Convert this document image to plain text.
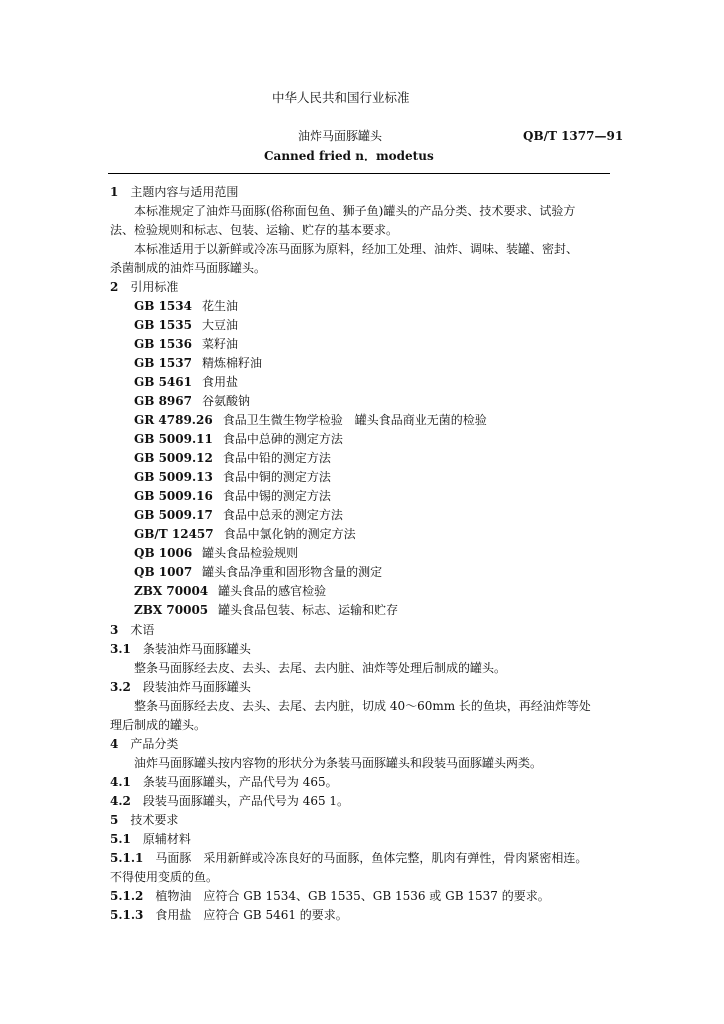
中华人民共和国行业标准
油炸马面豚罐头	QB/T 1377—91
Canned fried n．modetus
1 主题内容与适用范围
本标准规定了油炸马面豚(俗称面包鱼、狮子鱼)罐头的产品分类、技术要求、试验方
法、检验规则和标志、包装、运输、贮存的基本要求。
本标准适用于以新鲜或冷冻马面豚为原料，经加工处理、油炸、调味、装罐、密封、
杀菌制成的油炸马面豚罐头。
2 引用标准
GB 1534 花生油
GB 1535 大豆油
GB 1536 菜籽油
GB 1537 精炼棉籽油
GB 5461 食用盐
GB 8967 谷氨酸钠
GR 4789.26 食品卫生微生物学检验　罐头食品商业无菌的检验
GB 5009.11 食品中总砷的测定方法
GB 5009.12 食品中铅的测定方法
GB 5009.13 食品中铜的测定方法
GB 5009.16 食品中锡的测定方法
GB 5009.17 食品中总汞的测定方法
GB/T 12457 食品中氯化钠的测定方法
QB 1006 罐头食品检验规则
QB 1007 罐头食品净重和固形物含量的测定
ZBX 70004 罐头食品的感官检验
ZBX 70005 罐头食品包装、标志、运输和贮存
3 术语
3.1 条装油炸马面豚罐头
整条马面豚经去皮、去头、去尾、去内脏、油炸等处理后制成的罐头。
3.2 段装油炸马面豚罐头
整条马面豚经去皮、去头、去尾、去内脏，切成 40～60mm 长的鱼块，再经油炸等处
理后制成的罐头。
4 产品分类
油炸马面豚罐头按内容物的形状分为条装马面豚罐头和段装马面豚罐头两类。
4.1 条装马面豚罐头，产品代号为 465。
4.2 段装马面豚罐头，产品代号为 465 1。
5 技术要求
5.1 原辅材料
5.1.1 马面豚　采用新鲜或冷冻良好的马面豚，鱼体完整，肌肉有弹性，骨肉紧密相连。
不得使用变质的鱼。
5.1.2 植物油　应符合 GB 1534、GB 1535、GB 1536 或 GB 1537 的要求。
5.1.3 食用盐　应符合 GB 5461 的要求。
